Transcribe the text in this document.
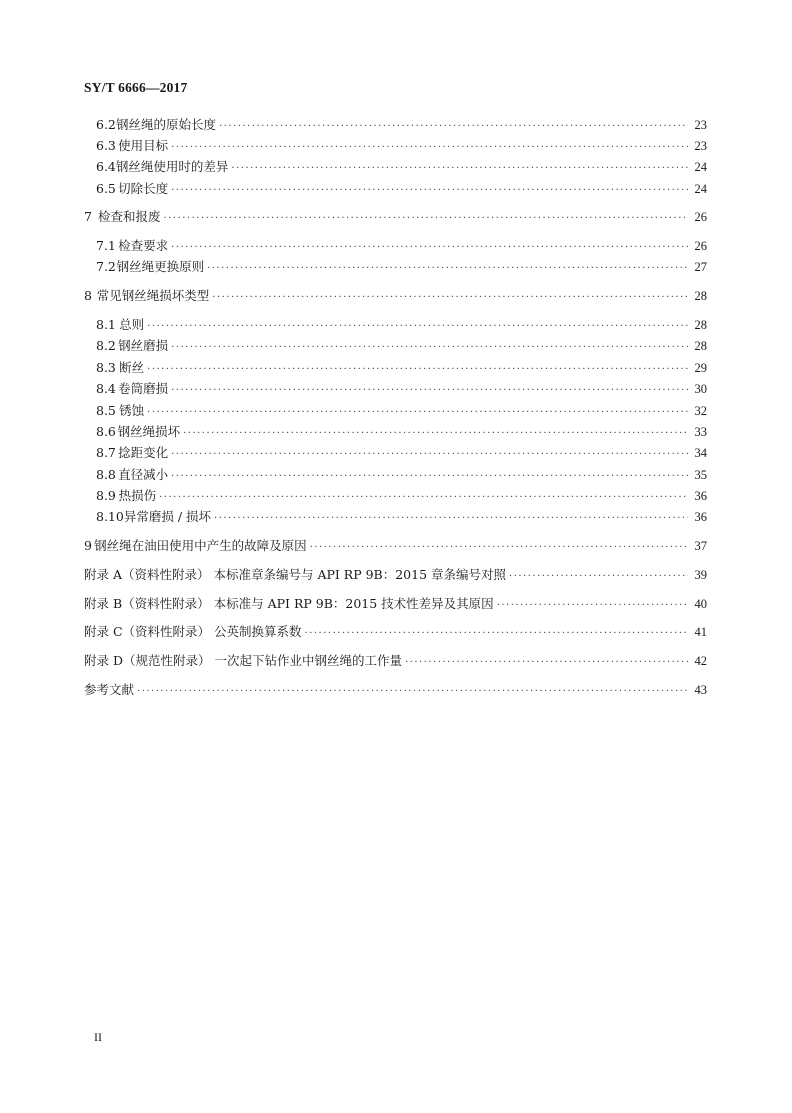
SY/T 6666—2017
6.2 钢丝绳的原始长度 ·····	23
6.3 使用目标 ·····	23
6.4 钢丝绳使用时的差异 ·····	24
6.5 切除长度 ·····	24
7 检查和报废 ·····	26
7.1 检查要求 ·····	26
7.2 钢丝绳更换原则 ·····	27
8 常见钢丝绳损坏类型 ·····	28
8.1 总则 ·····	28
8.2 钢丝磨损 ·····	28
8.3 断丝 ·····	29
8.4 卷筒磨损 ·····	30
8.5 锈蚀 ·····	32
8.6 钢丝绳损坏 ·····	33
8.7 捻距变化 ·····	34
8.8 直径减小 ·····	35
8.9 热损伤 ·····	36
8.10 异常磨损 / 损坏 ·····	36
9 钢丝绳在油田使用中产生的故障及原因 ·····	37
附录 A（资料性附录） 本标准章条编号与 API RP 9B：2015 章条编号对照 ·····	39
附录 B（资料性附录） 本标准与 API RP 9B：2015 技术性差异及其原因 ·····	40
附录 C（资料性附录） 公英制换算系数 ·····	41
附录 D（规范性附录） 一次起下钻作业中钢丝绳的工作量 ·····	42
参考文献 ·····	43
II
